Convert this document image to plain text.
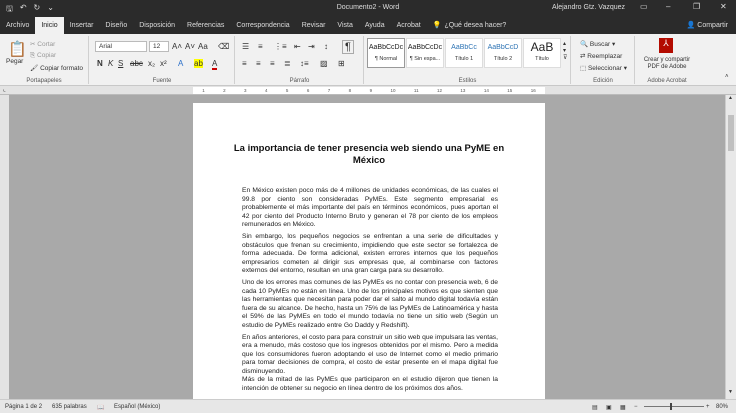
🖫 ↶ ↻ ⌄	Documento2 - Word	Alejandro Gtz. Vazquez ▭ –	❐ ✕
Archivo	Inicio	Insertar	Diseño	Disposición	Referencias	Correspondencia	Revisar	Vista	Ayuda	Acrobat	💡 ¿Qué desea hacer?	👤 Compartir
📋
Pegar
✂ Cortar
⎘ Copiar
🖌 Copiar formato
Portapapeles
Arial	12	A˄ A˅ Aa ⌫
N K S abc x₂ x² A ab A
Fuente
☰ ≡ ⋮≡ ⇤ ⇥ ↕ ¶
≡ ≡ ≡ ≣ ↕≡ ▨ ⊞
Párrafo
AaBbCcDc
¶ Normal
AaBbCcDc
¶ Sin espa...
AaBbCc
Título 1
AaBbCcD
Título 2
AaB
Título
▴
▾
⊽
Estilos
🔍 Buscar ▾
⇄ Reemplazar
⬚ Seleccionar ▾
Edición
⅄
Crear y compartir PDF de Adobe
Adobe Acrobat
˄
⌞	1	2	3	4	5	6	7	8	9	10	11	12	13	14	15	16
La importancia de tener presencia web siendo una PyME en México

En México existen poco más de 4 millones de unidades económicas, de las cuales el 99.8 por ciento son consideradas PyMEs. Este segmento empresarial es probablemente el más importante del país en términos económicos, pues aportan el 42 por ciento del Producto Interno Bruto y generan el 78 por ciento de los empleos remunerados en México.

Sin embargo, los pequeños negocios se enfrentan a una serie de dificultades y obstáculos que frenan su crecimiento, impidiendo que este sector se fortalezca de forma adecuada. De forma adicional, existen errores internos que los pequeños empresarios cometen al dirigir sus empresas que, al combinarse con factores externos del entorno, resultan en una gran carga para su desarrollo.

Uno de los errores mas comunes de las PyMEs es no contar con presencia web, 6 de cada 10 PyMEs no están en línea. Uno de los principales motivos es que sienten que las herramientas que necesitan para poder dar el salto al mundo digital todavía están fuera de su alcance. De hecho, hasta un 75% de las PyMEs de Latinoamérica y hasta el 59% de las PyMEs en todo el mundo todavía no tiene un sitio web (Según un estudio de PyMEs realizado entre Go Daddy y Redshift).

En años anteriores, el costo para para construir un sitio web que impulsara las ventas, era a menudo, más costoso que los ingresos obtenidos por el mismo. Pero a medida que los consumidores fueron adoptando el uso de Internet como el medio primario para tomar decisiones de compra, el costo de estar presente en el mapa digital fue disminuyendo.

Más de la mitad de las PyMEs que participaron en el estudio dijeron que tienen la intención de obtener su negocio en línea dentro de los próximos dos años.

▲
▼
Página 1 de 2 635 palabras 📖 Español (México)	▤ ▣ ▦ −	+ 80%
